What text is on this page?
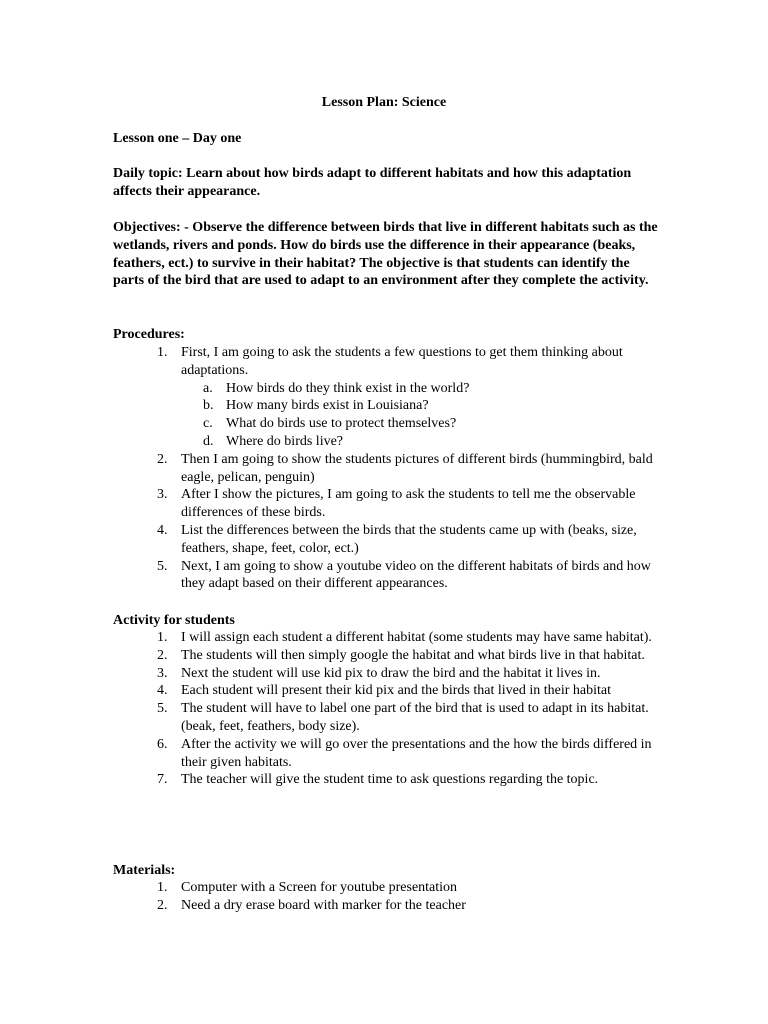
Lesson Plan: Science
Lesson one – Day one
Daily topic: Learn about how birds adapt to different habitats and how this adaptation affects their appearance.
Objectives: - Observe the difference between birds that live in different habitats such as the wetlands, rivers and ponds. How do birds use the difference in their appearance (beaks, feathers, ect.) to survive in their habitat? The objective is that students can identify the parts of the bird that are used to adapt to an environment after they complete the activity.
Procedures:
1. First, I am going to ask the students a few questions to get them thinking about adaptations.
a. How birds do they think exist in the world?
b. How many birds exist in Louisiana?
c. What do birds use to protect themselves?
d. Where do birds live?
2. Then I am going to show the students pictures of different birds (hummingbird, bald eagle, pelican, penguin)
3. After I show the pictures, I am going to ask the students to tell me the observable differences of these birds.
4. List the differences between the birds that the students came up with (beaks, size, feathers, shape, feet, color, ect.)
5. Next, I am going to show a youtube video on the different habitats of birds and how they adapt based on their different appearances.
Activity for students
1. I will assign each student a different habitat (some students may have same habitat).
2. The students will then simply google the habitat and what birds live in that habitat.
3. Next the student will use kid pix to draw the bird and the habitat it lives in.
4. Each student will present their kid pix and the birds that lived in their habitat
5. The student will have to label one part of the bird that is used to adapt in its habitat. (beak, feet, feathers, body size).
6. After the activity we will go over the presentations and the how the birds differed in their given habitats.
7. The teacher will give the student time to ask questions regarding the topic.
Materials:
1. Computer with a Screen for youtube presentation
2. Need a dry erase board with marker for the teacher
